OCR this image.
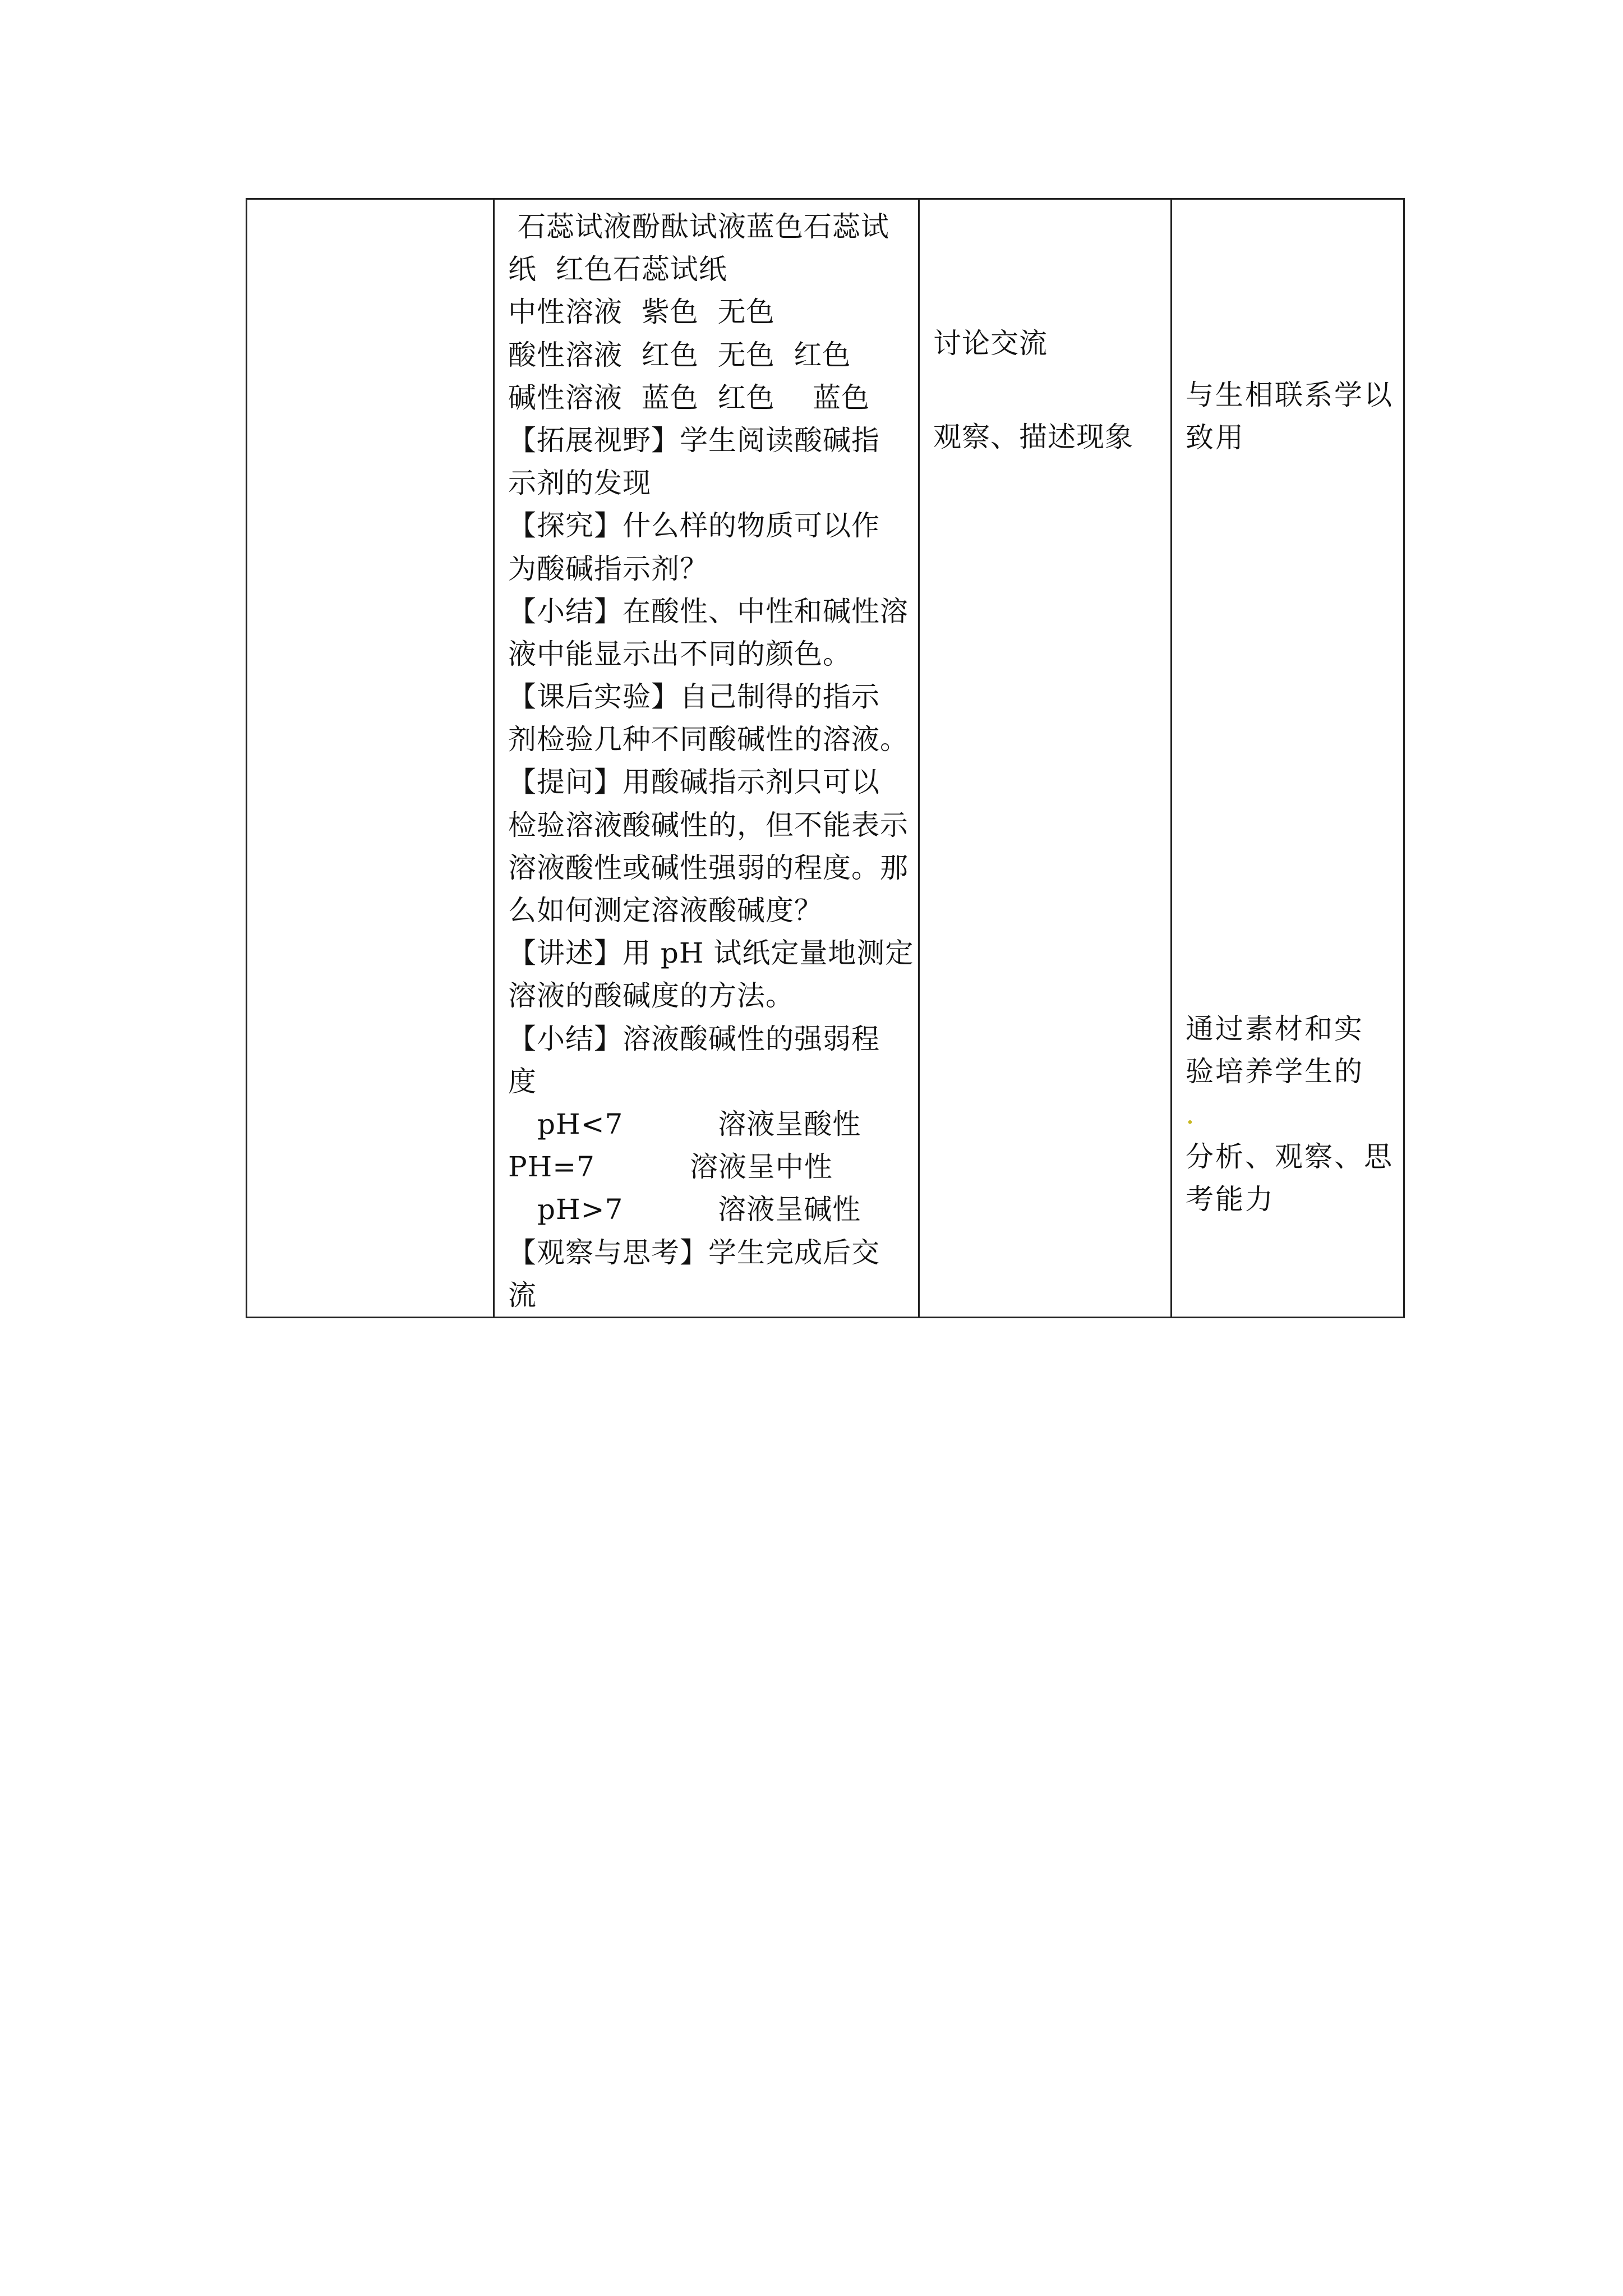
石蕊试液酚酞试液蓝色石蕊试
纸  红色石蕊试纸
中性溶液  紫色  无色
酸性溶液  红色  无色  红色
碱性溶液  蓝色  红色    蓝色
【拓展视野】学生阅读酸碱指
示剂的发现
【探究】什么样的物质可以作
为酸碱指示剂？
【小结】在酸性、中性和碱性溶
液中能显示出不同的颜色。
【课后实验】自己制得的指示
剂检验几种不同酸碱性的溶液。
【提问】用酸碱指示剂只可以
检验溶液酸碱性的，但不能表示
溶液酸性或碱性强弱的程度。那
么如何测定溶液酸碱度？
【讲述】用 pH 试纸定量地测定
溶液的酸碱度的方法。
【小结】溶液酸碱性的强弱程
度
pH<7          溶液呈酸性
PH=7          溶液呈中性
pH>7          溶液呈碱性
【观察与思考】学生完成后交
流

讨论交流
观察、描述现象

与生相联系学以
致用
通过素材和实
验培养学生的
.
分析、观察、思
考能力
